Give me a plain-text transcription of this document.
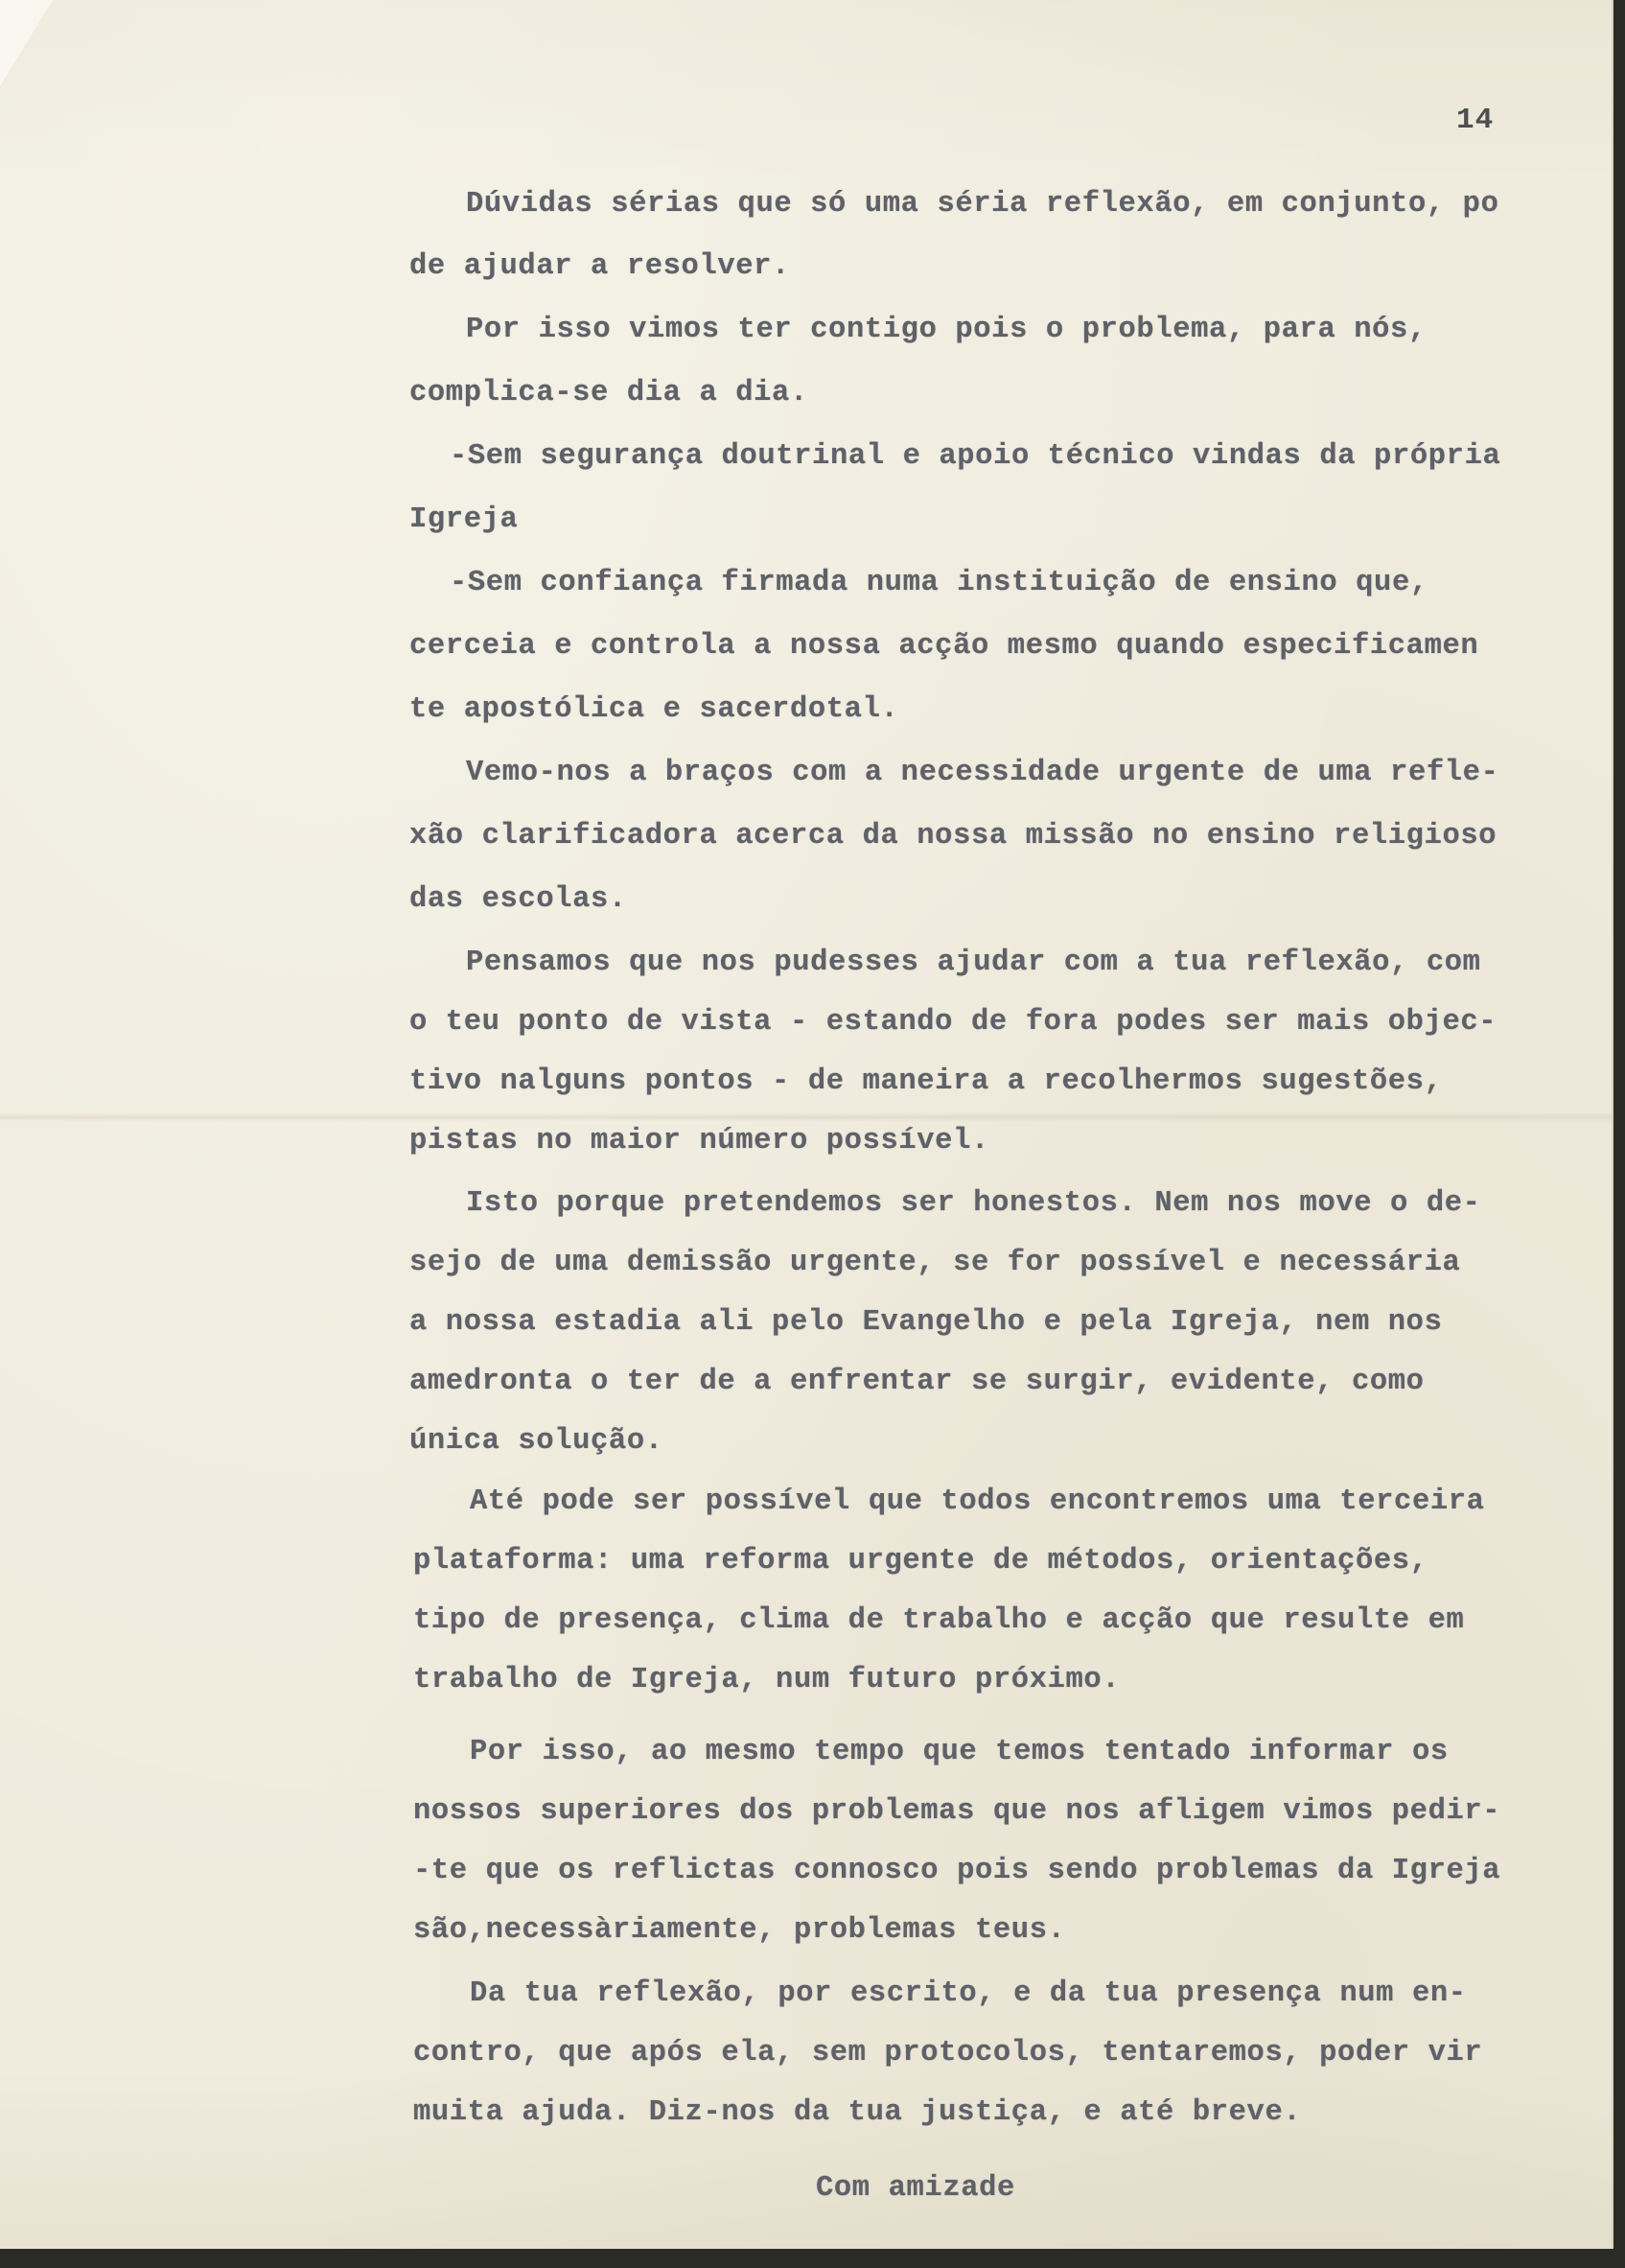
14
Dúvidas sérias que só uma séria reflexão, em conjunto, po
de ajudar a resolver.
Por isso vimos ter contigo pois o problema, para nós,
complica-se dia a dia.
-Sem segurança doutrinal e apoio técnico vindas da própria
Igreja
-Sem confiança firmada numa instituição de ensino que,
cerceia e controla a nossa acção mesmo quando especificamen
te apostólica e sacerdotal.
Vemo-nos a braços com a necessidade urgente de uma refle-
xão clarificadora acerca da nossa missão no ensino religioso
das escolas.
Pensamos que nos pudesses ajudar com a tua reflexão, com
o teu ponto de vista - estando de fora podes ser mais objec-
tivo nalguns pontos - de maneira a recolhermos sugestões,
pistas no maior número possível.
Isto porque pretendemos ser honestos. Nem nos move o de-
sejo de uma demissão urgente, se for possível e necessária
a nossa estadia ali pelo Evangelho e pela Igreja, nem nos
amedronta o ter de a enfrentar se surgir, evidente, como
única solução.
Até pode ser possível que todos encontremos uma terceira
plataforma: uma reforma urgente de métodos, orientações,
tipo de presença, clima de trabalho e acção que resulte em
trabalho de Igreja, num futuro próximo.
Por isso, ao mesmo tempo que temos tentado informar os
nossos superiores dos problemas que nos afligem vimos pedir-
-te que os reflictas connosco pois sendo problemas da Igreja
são,necessàriamente, problemas teus.
Da tua reflexão, por escrito, e da tua presença num en-
contro, que após ela, sem protocolos, tentaremos, poder vir
muita ajuda. Diz-nos da tua justiça, e até breve.
Com amizade
